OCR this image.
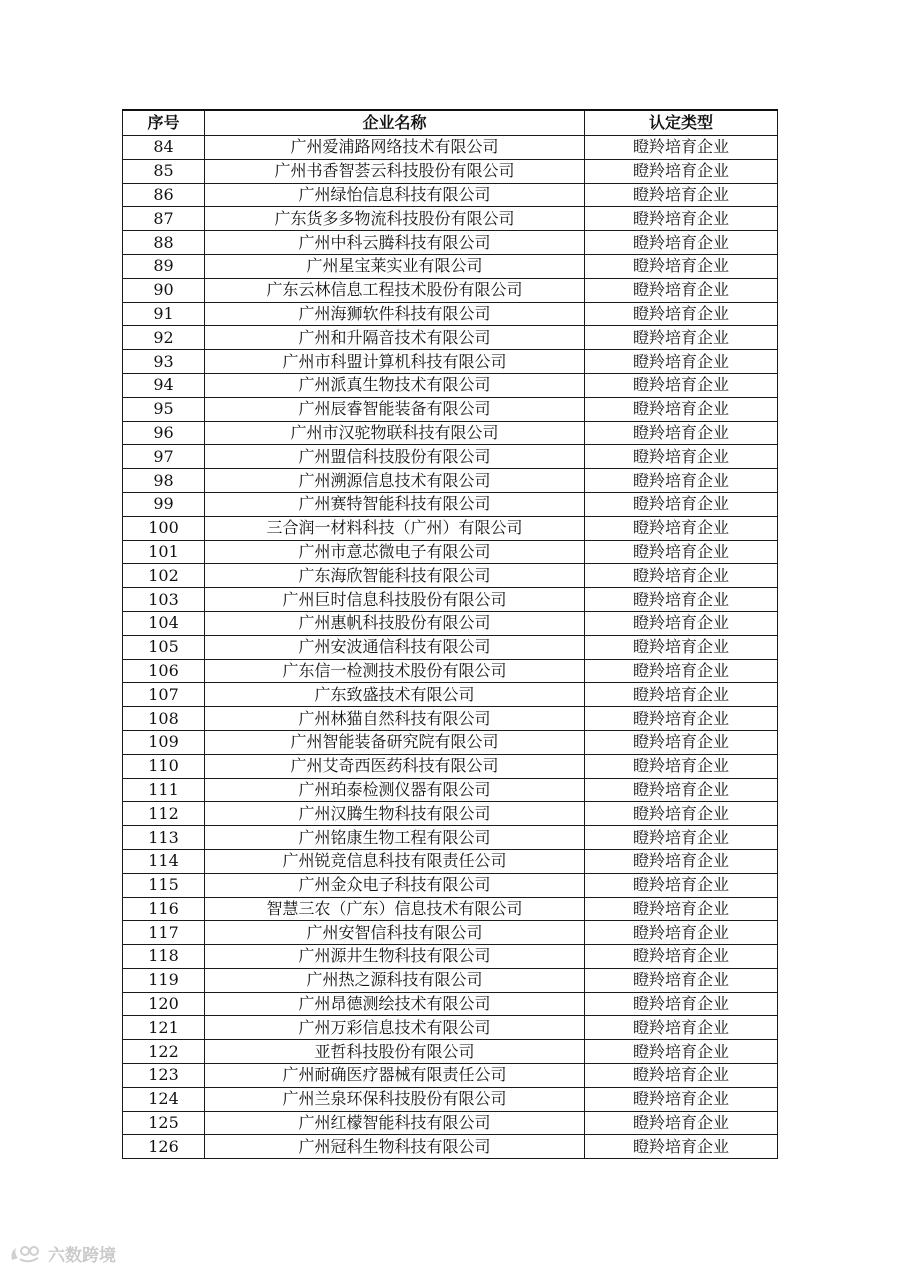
序号	企业名称	认定类型
84	广州爱浦路网络技术有限公司	瞪羚培育企业
85	广州书香智荟云科技股份有限公司	瞪羚培育企业
86	广州绿怡信息科技有限公司	瞪羚培育企业
87	广东货多多物流科技股份有限公司	瞪羚培育企业
88	广州中科云腾科技有限公司	瞪羚培育企业
89	广州星宝莱实业有限公司	瞪羚培育企业
90	广东云林信息工程技术股份有限公司	瞪羚培育企业
91	广州海狮软件科技有限公司	瞪羚培育企业
92	广州和升隔音技术有限公司	瞪羚培育企业
93	广州市科盟计算机科技有限公司	瞪羚培育企业
94	广州派真生物技术有限公司	瞪羚培育企业
95	广州辰睿智能装备有限公司	瞪羚培育企业
96	广州市汉驼物联科技有限公司	瞪羚培育企业
97	广州盟信科技股份有限公司	瞪羚培育企业
98	广州溯源信息技术有限公司	瞪羚培育企业
99	广州赛特智能科技有限公司	瞪羚培育企业
100	三合润一材料科技（广州）有限公司	瞪羚培育企业
101	广州市意芯微电子有限公司	瞪羚培育企业
102	广东海欣智能科技有限公司	瞪羚培育企业
103	广州巨时信息科技股份有限公司	瞪羚培育企业
104	广州惠帆科技股份有限公司	瞪羚培育企业
105	广州安波通信科技有限公司	瞪羚培育企业
106	广东信一检测技术股份有限公司	瞪羚培育企业
107	广东致盛技术有限公司	瞪羚培育企业
108	广州林猫自然科技有限公司	瞪羚培育企业
109	广州智能装备研究院有限公司	瞪羚培育企业
110	广州艾奇西医药科技有限公司	瞪羚培育企业
111	广州珀泰检测仪器有限公司	瞪羚培育企业
112	广州汉腾生物科技有限公司	瞪羚培育企业
113	广州铭康生物工程有限公司	瞪羚培育企业
114	广州锐竞信息科技有限责任公司	瞪羚培育企业
115	广州金众电子科技有限公司	瞪羚培育企业
116	智慧三农（广东）信息技术有限公司	瞪羚培育企业
117	广州安智信科技有限公司	瞪羚培育企业
118	广州源井生物科技有限公司	瞪羚培育企业
119	广州热之源科技有限公司	瞪羚培育企业
120	广州昂德测绘技术有限公司	瞪羚培育企业
121	广州万彩信息技术有限公司	瞪羚培育企业
122	亚哲科技股份有限公司	瞪羚培育企业
123	广州耐确医疗器械有限责任公司	瞪羚培育企业
124	广州兰泉环保科技股份有限公司	瞪羚培育企业
125	广州红檬智能科技有限公司	瞪羚培育企业
126	广州冠科生物科技有限公司	瞪羚培育企业
六数跨境
